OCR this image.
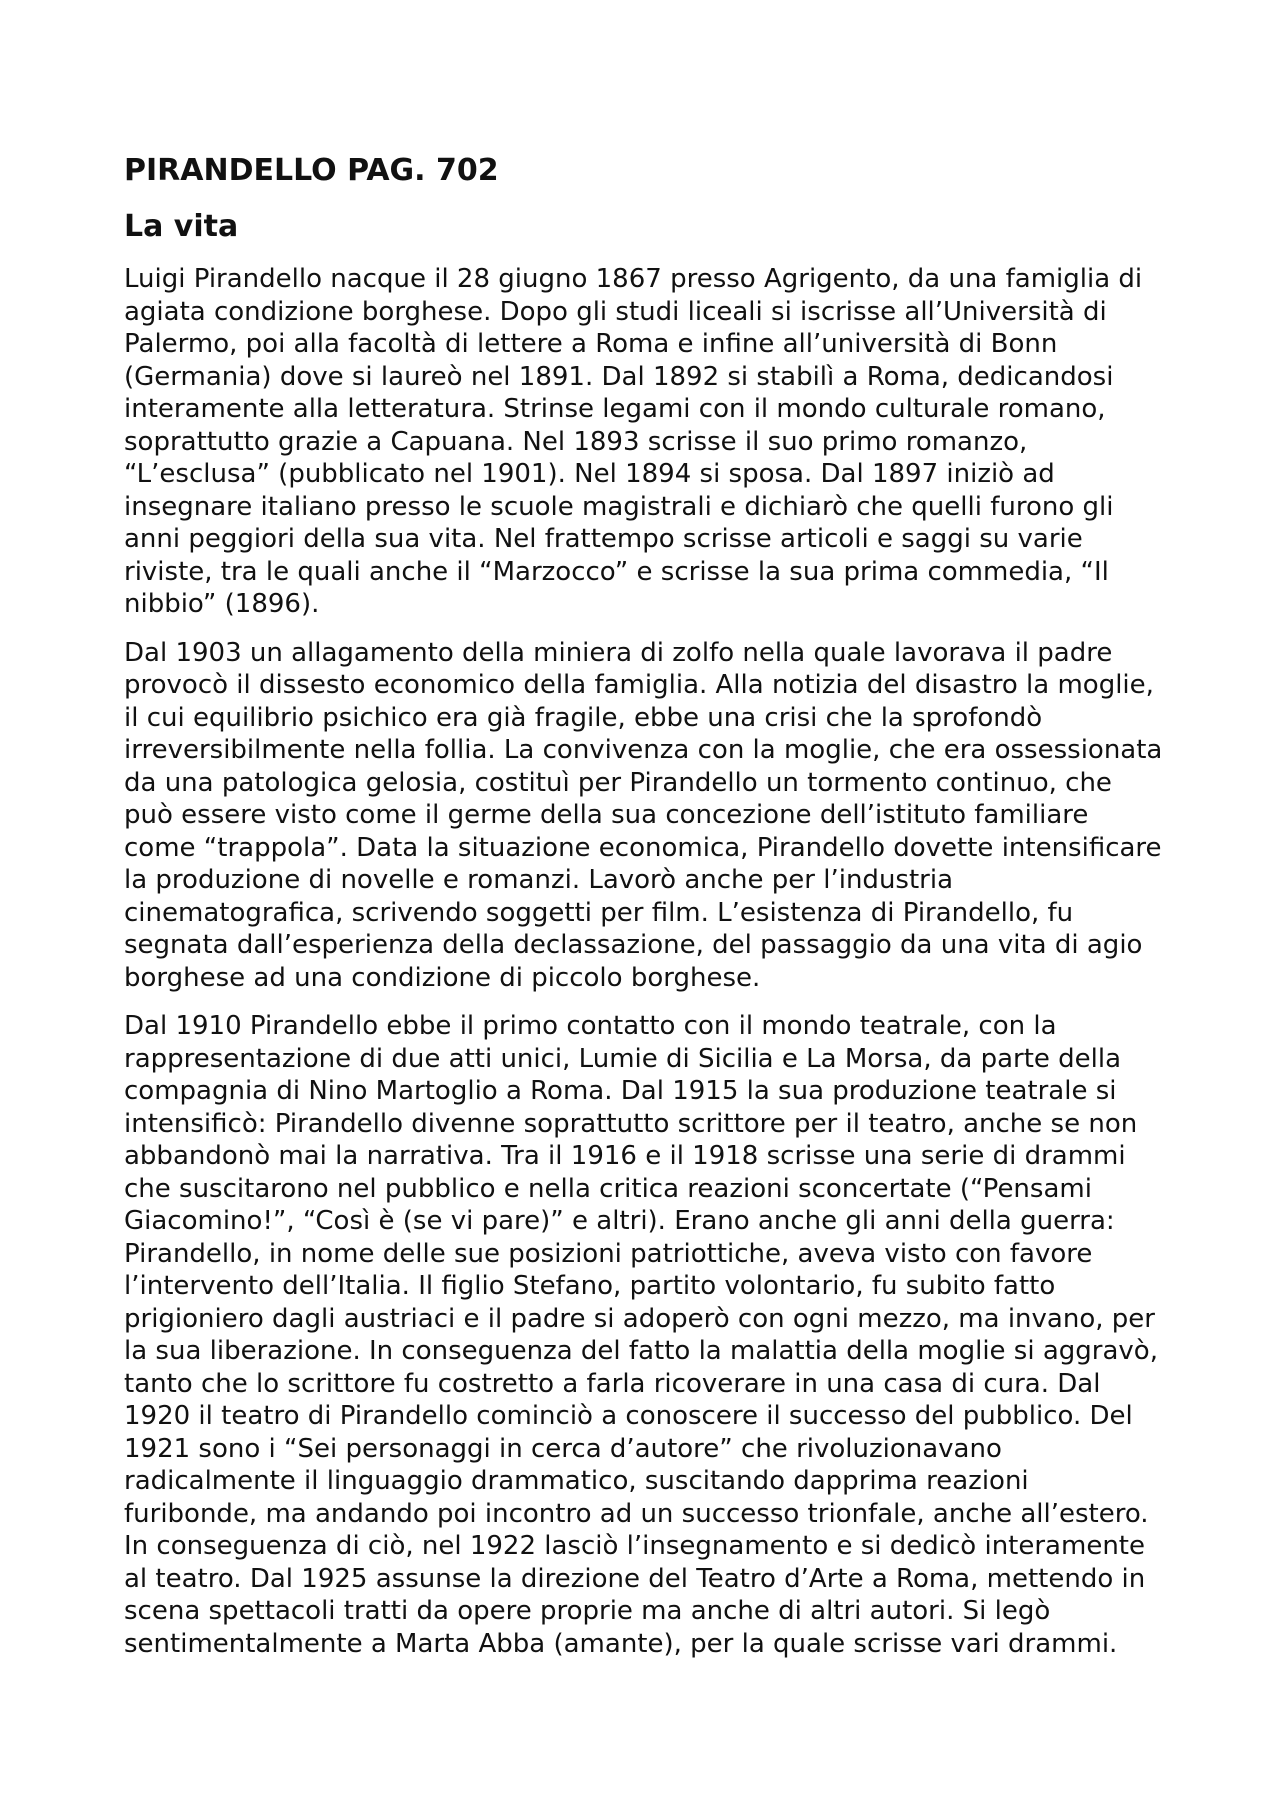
PIRANDELLO PAG. 702
La vita
Luigi Pirandello nacque il 28 giugno 1867 presso Agrigento, da una famiglia di
agiata condizione borghese. Dopo gli studi liceali si iscrisse all’Università di
Palermo, poi alla facoltà di lettere a Roma e infine all’università di Bonn
(Germania) dove si laureò nel 1891. Dal 1892 si stabilì a Roma, dedicandosi
interamente alla letteratura. Strinse legami con il mondo culturale romano,
soprattutto grazie a Capuana. Nel 1893 scrisse il suo primo romanzo,
“L’esclusa” (pubblicato nel 1901). Nel 1894 si sposa. Dal 1897 iniziò ad
insegnare italiano presso le scuole magistrali e dichiarò che quelli furono gli
anni peggiori della sua vita. Nel frattempo scrisse articoli e saggi su varie
riviste, tra le quali anche il “Marzocco” e scrisse la sua prima commedia, “Il
nibbio” (1896).
Dal 1903 un allagamento della miniera di zolfo nella quale lavorava il padre
provocò il dissesto economico della famiglia. Alla notizia del disastro la moglie,
il cui equilibrio psichico era già fragile, ebbe una crisi che la sprofondò
irreversibilmente nella follia. La convivenza con la moglie, che era ossessionata
da una patologica gelosia, costituì per Pirandello un tormento continuo, che
può essere visto come il germe della sua concezione dell’istituto familiare
come “trappola”. Data la situazione economica, Pirandello dovette intensificare
la produzione di novelle e romanzi. Lavorò anche per l’industria
cinematografica, scrivendo soggetti per film. L’esistenza di Pirandello, fu
segnata dall’esperienza della declassazione, del passaggio da una vita di agio
borghese ad una condizione di piccolo borghese.
Dal 1910 Pirandello ebbe il primo contatto con il mondo teatrale, con la
rappresentazione di due atti unici, Lumie di Sicilia e La Morsa, da parte della
compagnia di Nino Martoglio a Roma. Dal 1915 la sua produzione teatrale si
intensificò: Pirandello divenne soprattutto scrittore per il teatro, anche se non
abbandonò mai la narrativa. Tra il 1916 e il 1918 scrisse una serie di drammi
che suscitarono nel pubblico e nella critica reazioni sconcertate (“Pensami
Giacomino!”, “Così è (se vi pare)” e altri). Erano anche gli anni della guerra:
Pirandello, in nome delle sue posizioni patriottiche, aveva visto con favore
l’intervento dell’Italia. Il figlio Stefano, partito volontario, fu subito fatto
prigioniero dagli austriaci e il padre si adoperò con ogni mezzo, ma invano, per
la sua liberazione. In conseguenza del fatto la malattia della moglie si aggravò,
tanto che lo scrittore fu costretto a farla ricoverare in una casa di cura. Dal
1920 il teatro di Pirandello cominciò a conoscere il successo del pubblico. Del
1921 sono i “Sei personaggi in cerca d’autore” che rivoluzionavano
radicalmente il linguaggio drammatico, suscitando dapprima reazioni
furibonde, ma andando poi incontro ad un successo trionfale, anche all’estero.
In conseguenza di ciò, nel 1922 lasciò l’insegnamento e si dedicò interamente
al teatro. Dal 1925 assunse la direzione del Teatro d’Arte a Roma, mettendo in
scena spettacoli tratti da opere proprie ma anche di altri autori. Si legò
sentimentalmente a Marta Abba (amante), per la quale scrisse vari drammi.
